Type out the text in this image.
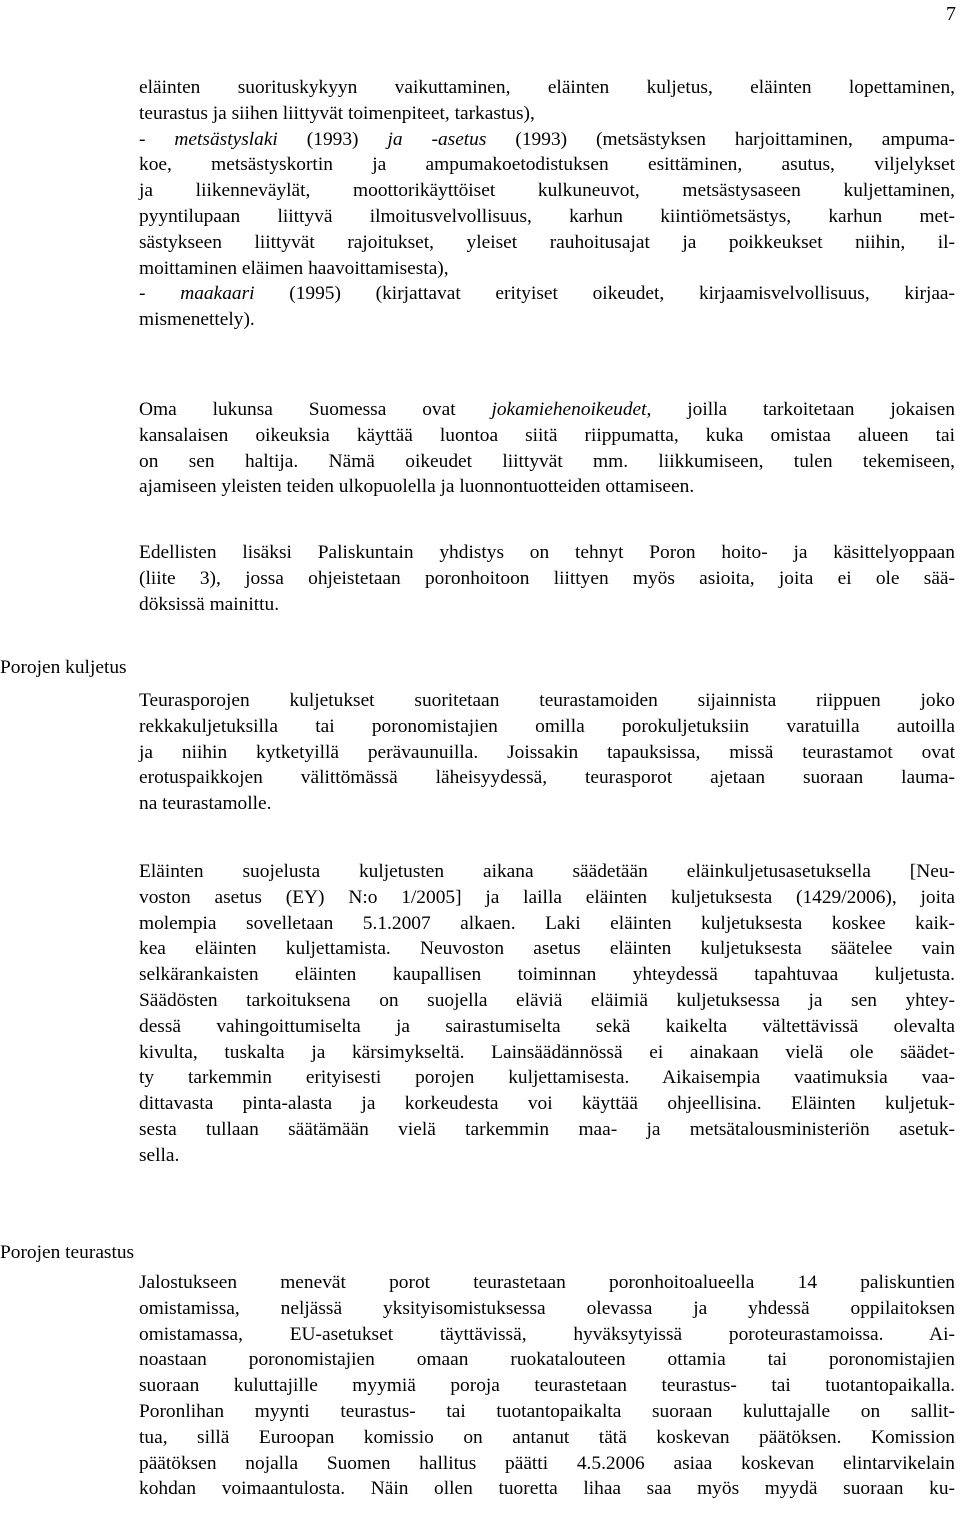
7
eläinten suorituskykyyn vaikuttaminen, eläinten kuljetus, eläinten lopettaminen,
teurastus ja siihen liittyvät toimenpiteet, tarkastus),
- metsästyslaki (1993) ja -asetus (1993) (metsästyksen harjoittaminen, ampuma-
koe, metsästyskortin ja ampumakoetodistuksen esittäminen, asutus, viljelykset
ja liikenneväylät, moottorikäyttöiset kulkuneuvot, metsästysaseen kuljettaminen,
pyyntilupaan liittyvä ilmoitusvelvollisuus, karhun kiintiömetsästys, karhun met-
sästykseen liittyvät rajoitukset, yleiset rauhoitusajat ja poikkeukset niihin, il-
moittaminen eläimen haavoittamisesta),
- maakaari (1995) (kirjattavat erityiset oikeudet, kirjaamisvelvollisuus, kirjaa-
mismenettely).
Oma lukunsa Suomessa ovat jokamiehenoikeudet, joilla tarkoitetaan jokaisen
kansalaisen oikeuksia käyttää luontoa siitä riippumatta, kuka omistaa alueen tai
on sen haltija. Nämä oikeudet liittyvät mm. liikkumiseen, tulen tekemiseen,
ajamiseen yleisten teiden ulkopuolella ja luonnontuotteiden ottamiseen.
Edellisten lisäksi Paliskuntain yhdistys on tehnyt Poron hoito- ja käsittelyoppaan
(liite 3), jossa ohjeistetaan poronhoitoon liittyen myös asioita, joita ei ole sää-
döksissä mainittu.
Porojen kuljetus
Teurasporojen kuljetukset suoritetaan teurastamoiden sijainnista riippuen joko
rekkakuljetuksilla tai poronomistajien omilla porokuljetuksiin varatuilla autoilla
ja niihin kytketyillä perävaunuilla. Joissakin tapauksissa, missä teurastamot ovat
erotuspaikkojen välittömässä läheisyydessä, teurasporot ajetaan suoraan lauma-
na teurastamolle.
Eläinten suojelusta kuljetusten aikana säädetään eläinkuljetusasetuksella [Neu-
voston asetus (EY) N:o 1/2005] ja lailla eläinten kuljetuksesta (1429/2006), joita
molempia sovelletaan 5.1.2007 alkaen. Laki eläinten kuljetuksesta koskee kaik-
kea eläinten kuljettamista. Neuvoston asetus eläinten kuljetuksesta säätelee vain
selkärankaisten eläinten kaupallisen toiminnan yhteydessä tapahtuvaa kuljetusta.
Säädösten tarkoituksena on suojella eläviä eläimiä kuljetuksessa ja sen yhtey-
dessä vahingoittumiselta ja sairastumiselta sekä kaikelta vältettävissä olevalta
kivulta, tuskalta ja kärsimykseltä. Lainsäädännössä ei ainakaan vielä ole säädet-
ty tarkemmin erityisesti porojen kuljettamisesta. Aikaisempia vaatimuksia vaa-
dittavasta pinta-alasta ja korkeudesta voi käyttää ohjeellisina. Eläinten kuljetuk-
sesta tullaan säätämään vielä tarkemmin maa- ja metsätalousministeriön asetuk-
sella.
Porojen teurastus
Jalostukseen menevät porot teurastetaan poronhoitoalueella 14 paliskuntien
omistamissa, neljässä yksityisomistuksessa olevassa ja yhdessä oppilaitoksen
omistamassa, EU-asetukset täyttävissä, hyväksytyissä poroteurastamoissa. Ai-
noastaan poronomistajien omaan ruokatalouteen ottamia tai poronomistajien
suoraan kuluttajille myymiä poroja teurastetaan teurastus- tai tuotantopaikalla.
Poronlihan myynti teurastus- tai tuotantopaikalta suoraan kuluttajalle on sallit-
tua, sillä Euroopan komissio on antanut tätä koskevan päätöksen. Komission
päätöksen nojalla Suomen hallitus päätti 4.5.2006 asiaa koskevan elintarvikelain
kohdan voimaantulosta. Näin ollen tuoretta lihaa saa myös myydä suoraan ku-
